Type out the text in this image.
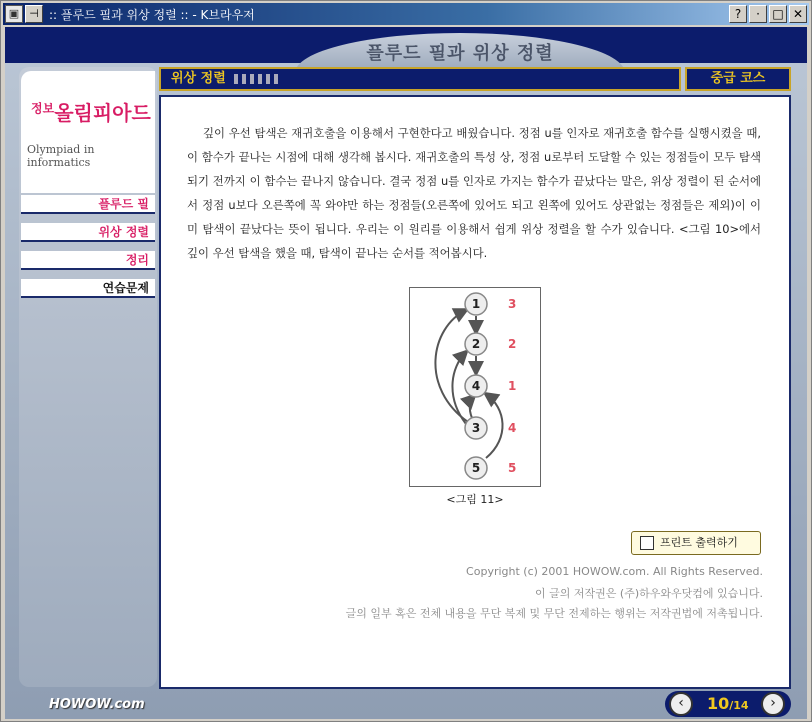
▣ ⊣ :: 플루드 필과 위상 정렬 :: - K브라우저	?	·	□ ✕
플루드 필과 위상 정렬
$^{정보}$올림피아드
Olympiad in informatics
플루드 필
위상 정렬
정리
연습문제
위상 정렬	중급 코스
깊이 우선 탐색은 재귀호출을 이용해서 구현한다고 배웠습니다. 정점 u를 인자로 재귀호출 함수를 실행시켰을 때, 이 함수가 끝나는 시점에 대해 생각해 봅시다. 재귀호출의 특성 상, 정점 u로부터 도달할 수 있는 정점들이 모두 탐색되기 전까지 이 함수는 끝나지 않습니다. 결국 정점 u를 인자로 가지는 함수가 끝났다는 말은, 위상 정렬이 된 순서에서 정점 u보다 오른쪽에 꼭 와야만 하는 정점들(오른쪽에 있어도 되고 왼쪽에 있어도 상관없는 정점들은 제외)이 이미 탐색이 끝났다는 뜻이 됩니다. 우리는 이 원리를 이용해서 쉽게 위상 정렬을 할 수가 있습니다. <그림 10>에서 깊이 우선 탐색을 했을 때, 탐색이 끝나는 순서를 적어봅시다.
1
2
4
3
5
3
2
1
4
5
<그림 11>
프린트 출력하기
Copyright (c) 2001 HOWOW.com. All Rights Reserved.
이 글의 저작권은 (주)하우와우닷컴에 있습니다.
글의 일부 혹은 전체 내용을 무단 복제 및 무단 전제하는 행위는 저작권법에 저촉됩니다.
HOWOW.com	‹	10/14	›
